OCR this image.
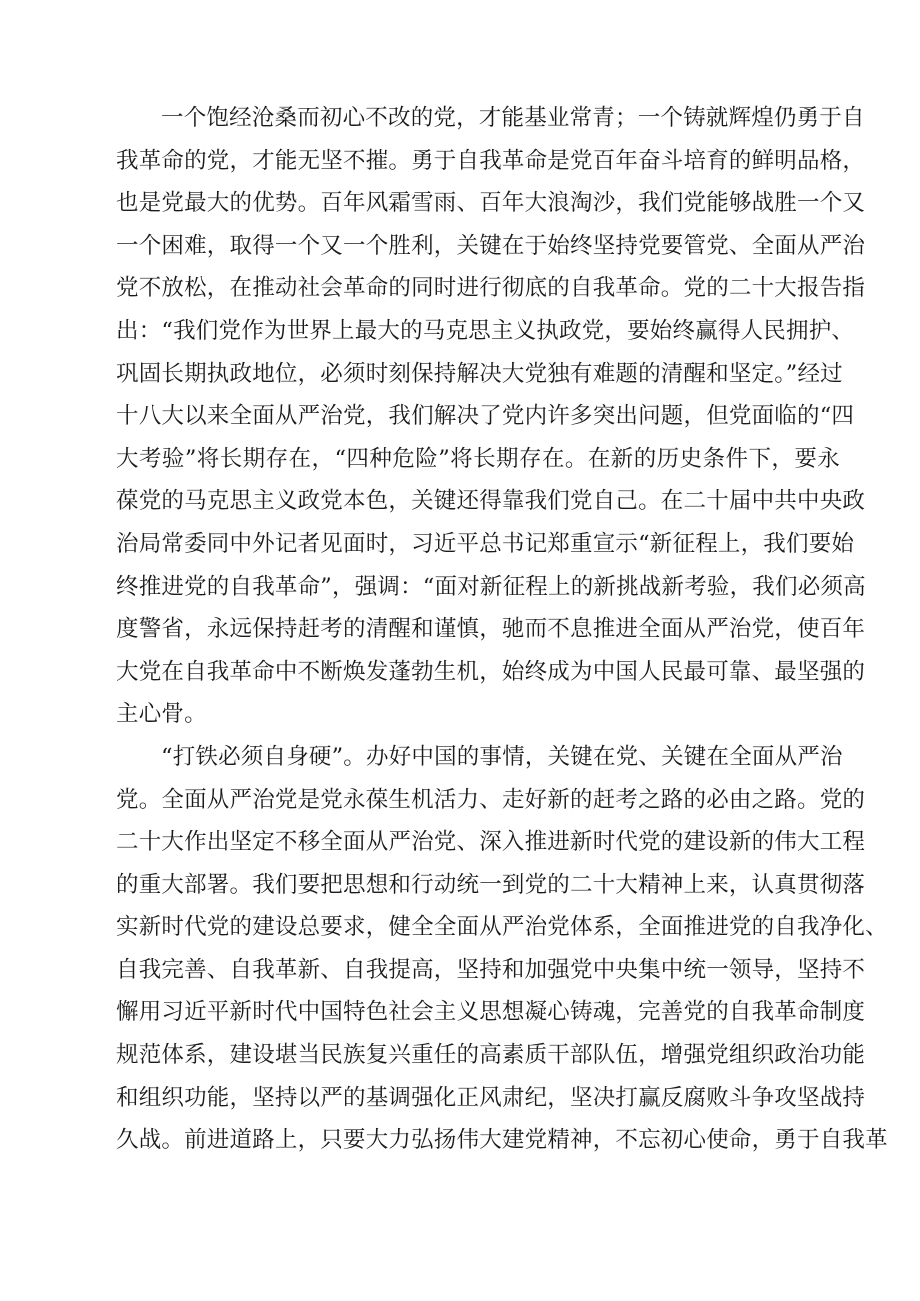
一个饱经沧桑而初心不改的党，才能基业常青；一个铸就辉煌仍勇于自
我革命的党，才能无坚不摧。勇于自我革命是党百年奋斗培育的鲜明品格，
也是党最大的优势。百年风霜雪雨、百年大浪淘沙，我们党能够战胜一个又
一个困难，取得一个又一个胜利，关键在于始终坚持党要管党、全面从严治
党不放松，在推动社会革命的同时进行彻底的自我革命。党的二十大报告指
出：“我们党作为世界上最大的马克思主义执政党，要始终赢得人民拥护、
巩固长期执政地位，必须时刻保持解决大党独有难题的清醒和坚定。”经过
十八大以来全面从严治党，我们解决了党内许多突出问题，但党面临的“四
大考验”将长期存在，“四种危险”将长期存在。在新的历史条件下，要永
葆党的马克思主义政党本色，关键还得靠我们党自己。在二十届中共中央政
治局常委同中外记者见面时，习近平总书记郑重宣示“新征程上，我们要始
终推进党的自我革命”，强调：“面对新征程上的新挑战新考验，我们必须高
度警省，永远保持赶考的清醒和谨慎，驰而不息推进全面从严治党，使百年
大党在自我革命中不断焕发蓬勃生机，始终成为中国人民最可靠、最坚强的
主心骨。
“打铁必须自身硬”。办好中国的事情，关键在党、关键在全面从严治
党。全面从严治党是党永葆生机活力、走好新的赶考之路的必由之路。党的
二十大作出坚定不移全面从严治党、深入推进新时代党的建设新的伟大工程
的重大部署。我们要把思想和行动统一到党的二十大精神上来，认真贯彻落
实新时代党的建设总要求，健全全面从严治党体系，全面推进党的自我净化、
自我完善、自我革新、自我提高，坚持和加强党中央集中统一领导，坚持不
懈用习近平新时代中国特色社会主义思想凝心铸魂，完善党的自我革命制度
规范体系，建设堪当民族复兴重任的高素质干部队伍，增强党组织政治功能
和组织功能，坚持以严的基调强化正风肃纪，坚决打赢反腐败斗争攻坚战持
久战。前进道路上，只要大力弘扬伟大建党精神，不忘初心使命，勇于自我革
